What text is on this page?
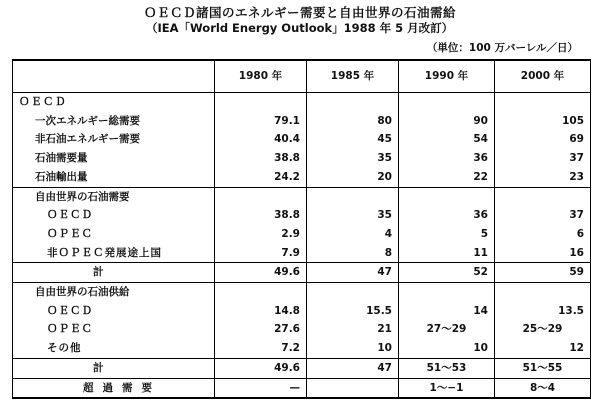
ＯＥＣＤ諸国のエネルギー需要と自由世界の石油需給
（IEA「World Energy Outlook」1988 年 5 月改訂）
（単位：100 万バーレル／日）
	1980 年	1985 年	1990 年	2000 年
ＯＥＣＤ				
一次エネルギー総需要	79.1	80	90	105
非石油エネルギー需要	40.4	45	54	69
石油需要量	38.8	35	36	37
石油輸出量	24.2	20	22	23
自由世界の石油需要				
ＯＥＣＤ	38.8	35	36	37
ＯＰＥＣ	2.9	4	5	6
非ＯＰＥＣ発展途上国	7.9	8	11	16
計	49.6	47	52	59
自由世界の石油供給				
ＯＥＣＤ	14.8	15.5	14	13.5
ＯＰＥＣ	27.6	21	27〜29	25〜29
その他	7.2	10	10	12
計	49.6	47	51〜53	51〜55
超過需要	—		1〜−1	8〜4
